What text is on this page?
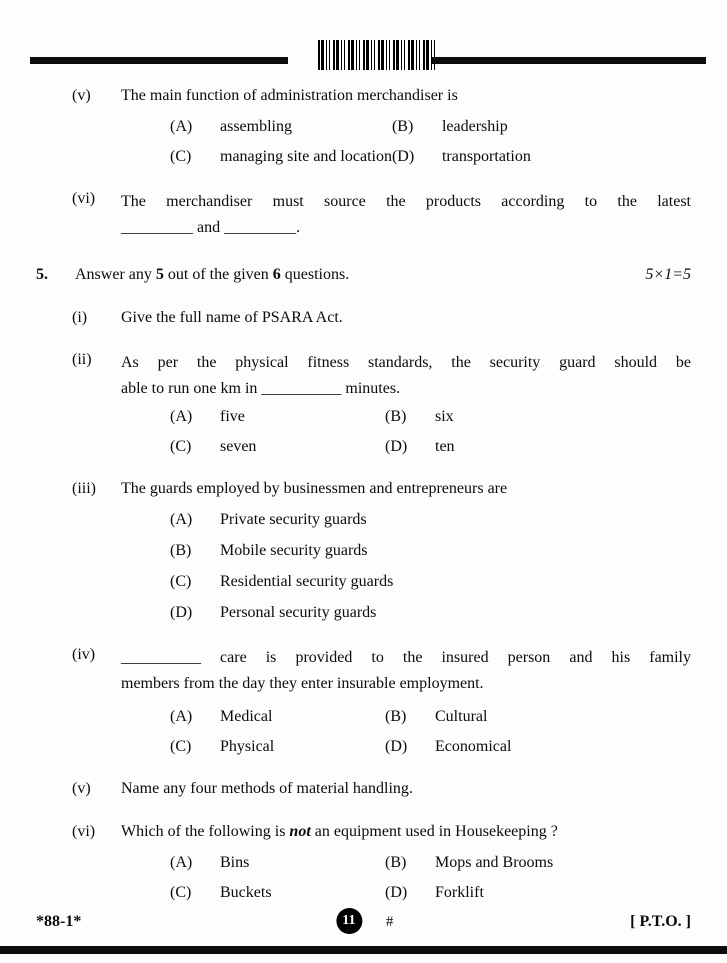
(v)	The main function of administration merchandiser is
(A)	assembling	(B)	leadership
(C)	managing site and location (D)	transportation
(vi)	The merchandiser must source the products according to the latest
_________ and _________.
5.	Answer any 5 out of the given 6 questions.	5×1=5
(i)	Give the full name of PSARA Act.
(ii)	As per the physical fitness standards, the security guard should be
able to run one km in __________ minutes.
(A)	five	(B)	six
(C)	seven	(D)	ten
(iii)	The guards employed by businessmen and entrepreneurs are
(A)	Private security guards
(B)	Mobile security guards
(C)	Residential security guards
(D)	Personal security guards
(iv)	__________ care is provided to the insured person and his family
members from the day they enter insurable employment.
(A)	Medical	(B)	Cultural
(C)	Physical	(D)	Economical
(v)	Name any four methods of material handling.
(vi)	Which of the following is not an equipment used in Housekeeping ?
(A)	Bins	(B)	Mops and Brooms
(C)	Buckets	(D)	Forklift
*88-1*	11	#	[ P.T.O. ]
